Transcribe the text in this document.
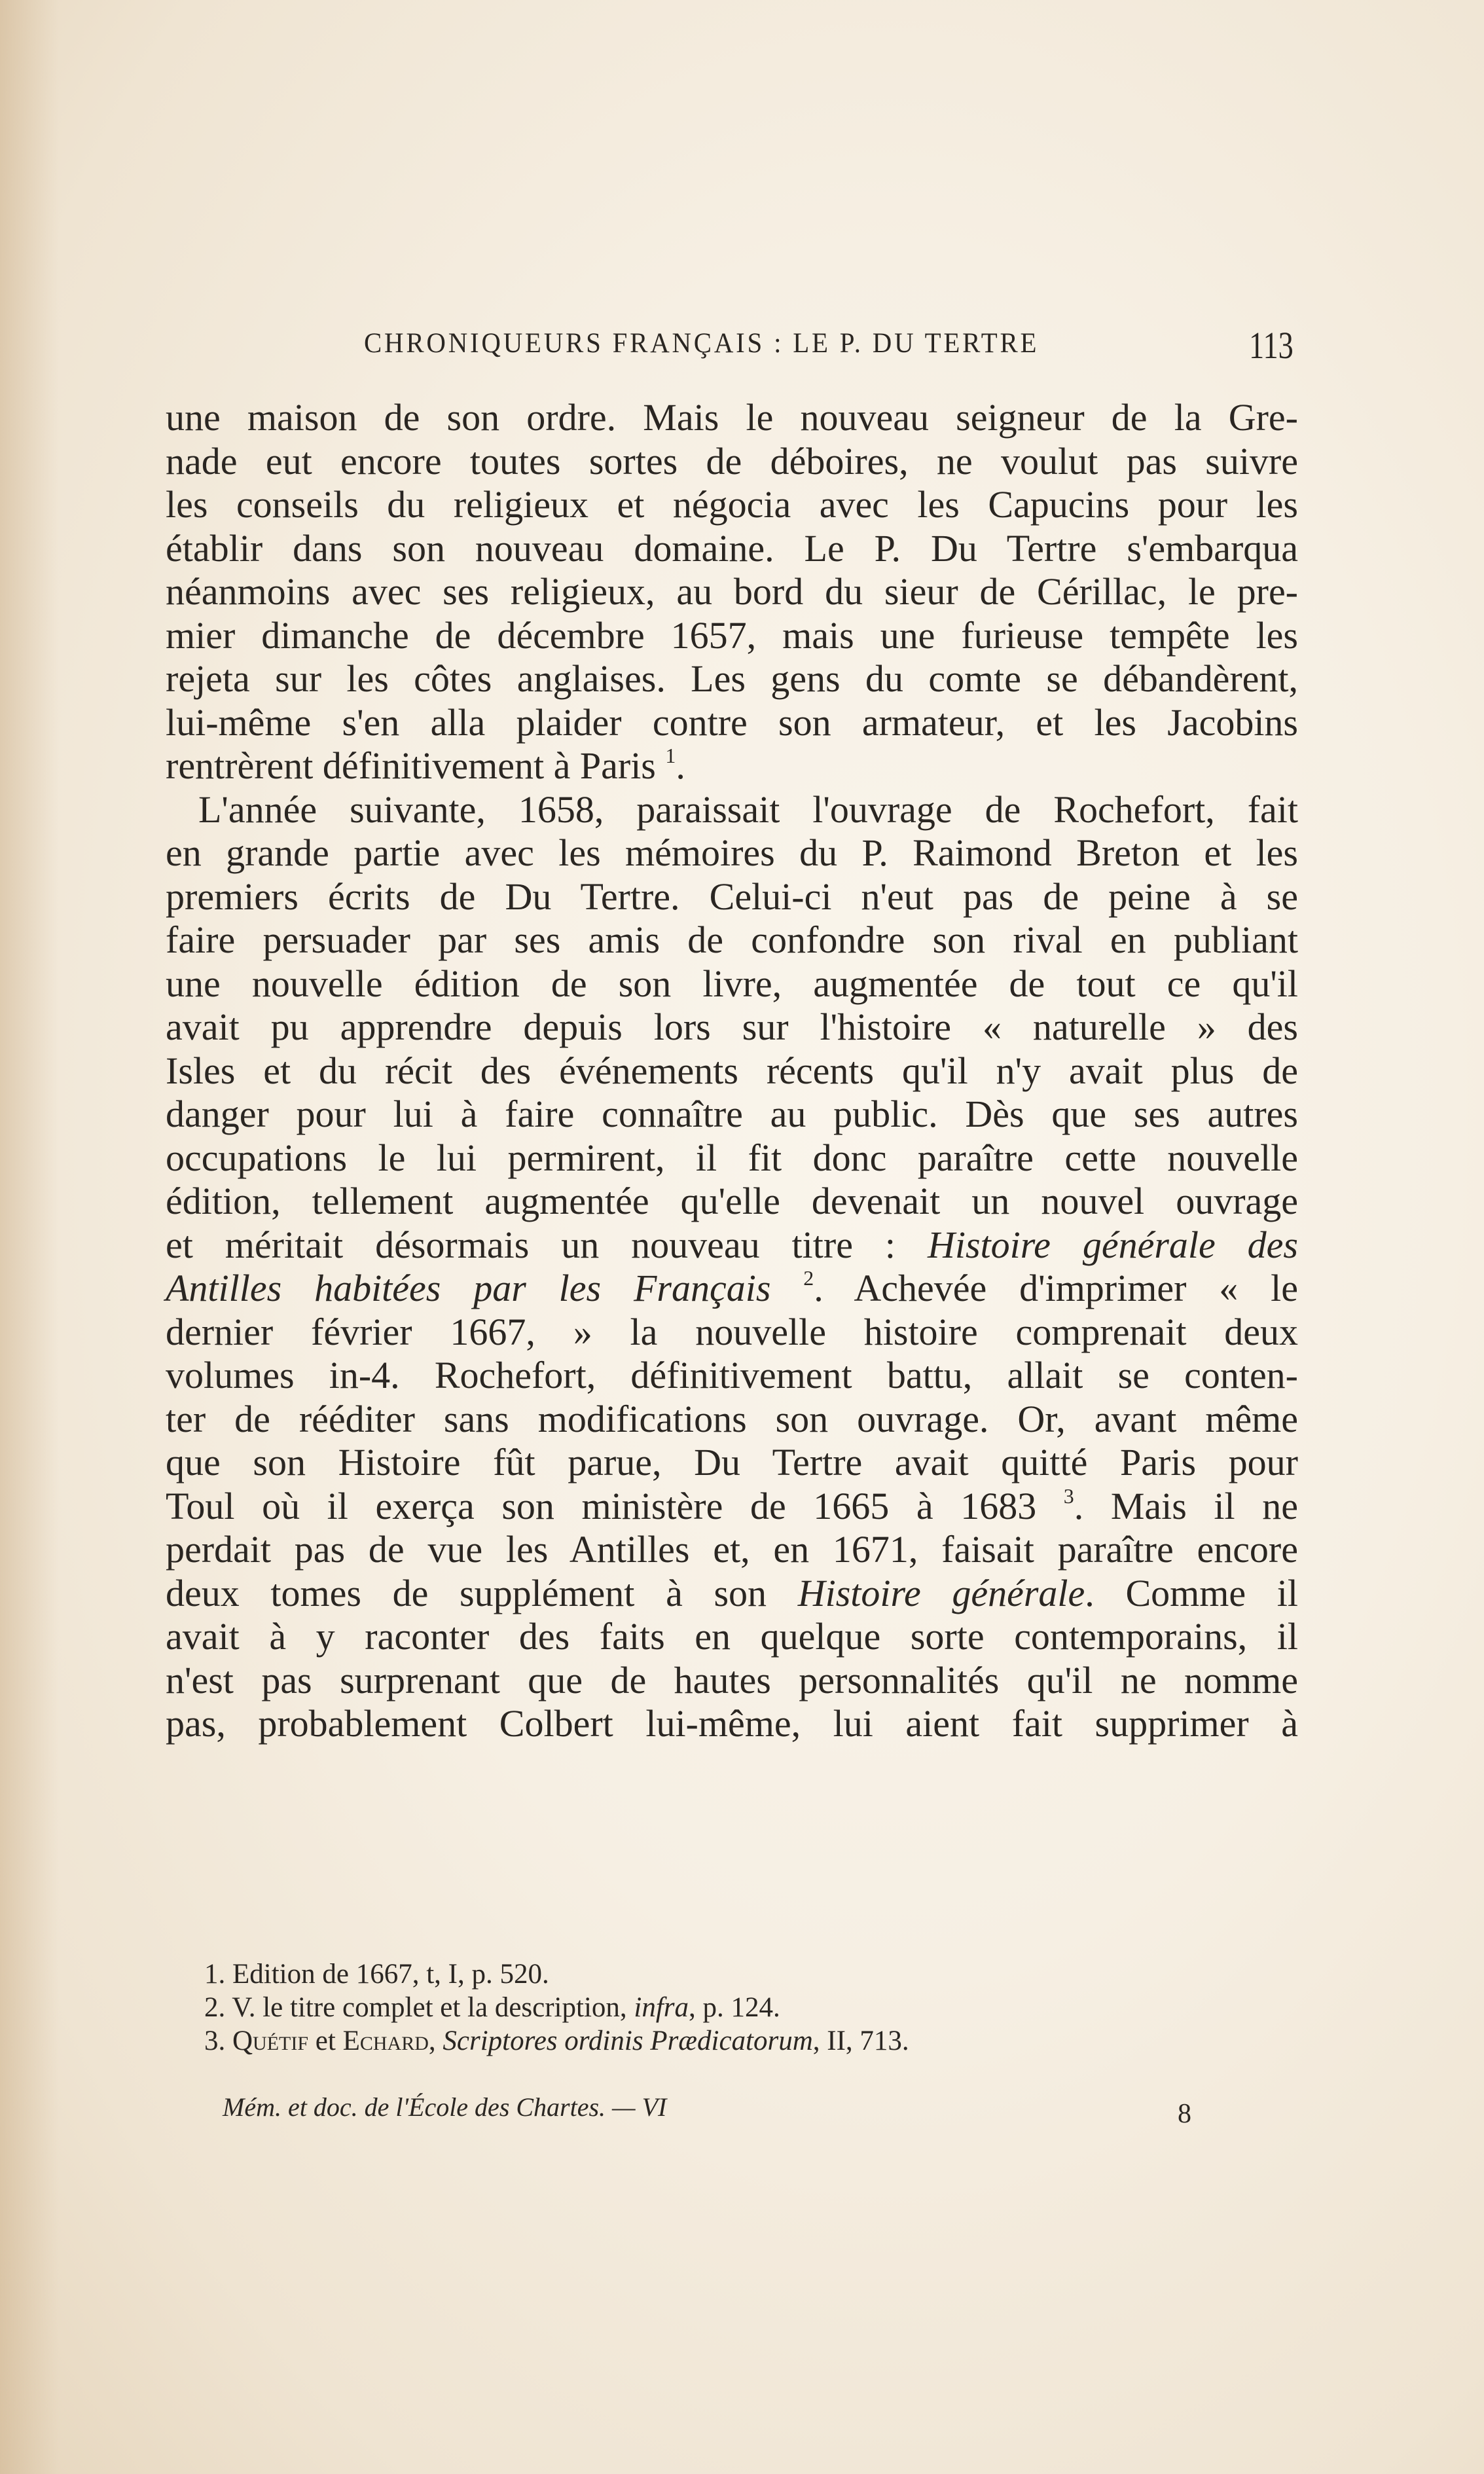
CHRONIQUEURS FRANÇAIS : LE P. DU TERTRE	113
une maison de son ordre. Mais le nouveau seigneur de la Gre-
nade eut encore toutes sortes de déboires, ne voulut pas suivre
les conseils du religieux et négocia avec les Capucins pour les
établir dans son nouveau domaine. Le P. Du Tertre s'embarqua
néanmoins avec ses religieux, au bord du sieur de Cérillac, le pre-
mier dimanche de décembre 1657, mais une furieuse tempête les
rejeta sur les côtes anglaises. Les gens du comte se débandèrent,
lui-même s'en alla plaider contre son armateur, et les Jacobins
rentrèrent définitivement à Paris $^1$.
L'année suivante, 1658, paraissait l'ouvrage de Rochefort, fait
en grande partie avec les mémoires du P. Raimond Breton et les
premiers écrits de Du Tertre. Celui-ci n'eut pas de peine à se
faire persuader par ses amis de confondre son rival en publiant
une nouvelle édition de son livre, augmentée de tout ce qu'il
avait pu apprendre depuis lors sur l'histoire « naturelle » des
Isles et du récit des événements récents qu'il n'y avait plus de
danger pour lui à faire connaître au public. Dès que ses autres
occupations le lui permirent, il fit donc paraître cette nouvelle
édition, tellement augmentée qu'elle devenait un nouvel ouvrage
et méritait désormais un nouveau titre : Histoire générale des
Antilles habitées par les Français $^2$. Achevée d'imprimer « le
dernier février 1667, » la nouvelle histoire comprenait deux
volumes in-4. Rochefort, définitivement battu, allait se conten-
ter de rééditer sans modifications son ouvrage. Or, avant même
que son Histoire fût parue, Du Tertre avait quitté Paris pour
Toul où il exerça son ministère de 1665 à 1683 $^3$. Mais il ne
perdait pas de vue les Antilles et, en 1671, faisait paraître encore
deux tomes de supplément à son Histoire générale. Comme il
avait à y raconter des faits en quelque sorte contemporains, il
n'est pas surprenant que de hautes personnalités qu'il ne nomme
pas, probablement Colbert lui-même, lui aient fait supprimer à
1. Edition de 1667, t, I, p. 520.
2. V. le titre complet et la description, infra, p. 124.
3. Quétif et Echard, Scriptores ordinis Prædicatorum, II, 713.
Mém. et doc. de l'École des Chartes. — VI	8
